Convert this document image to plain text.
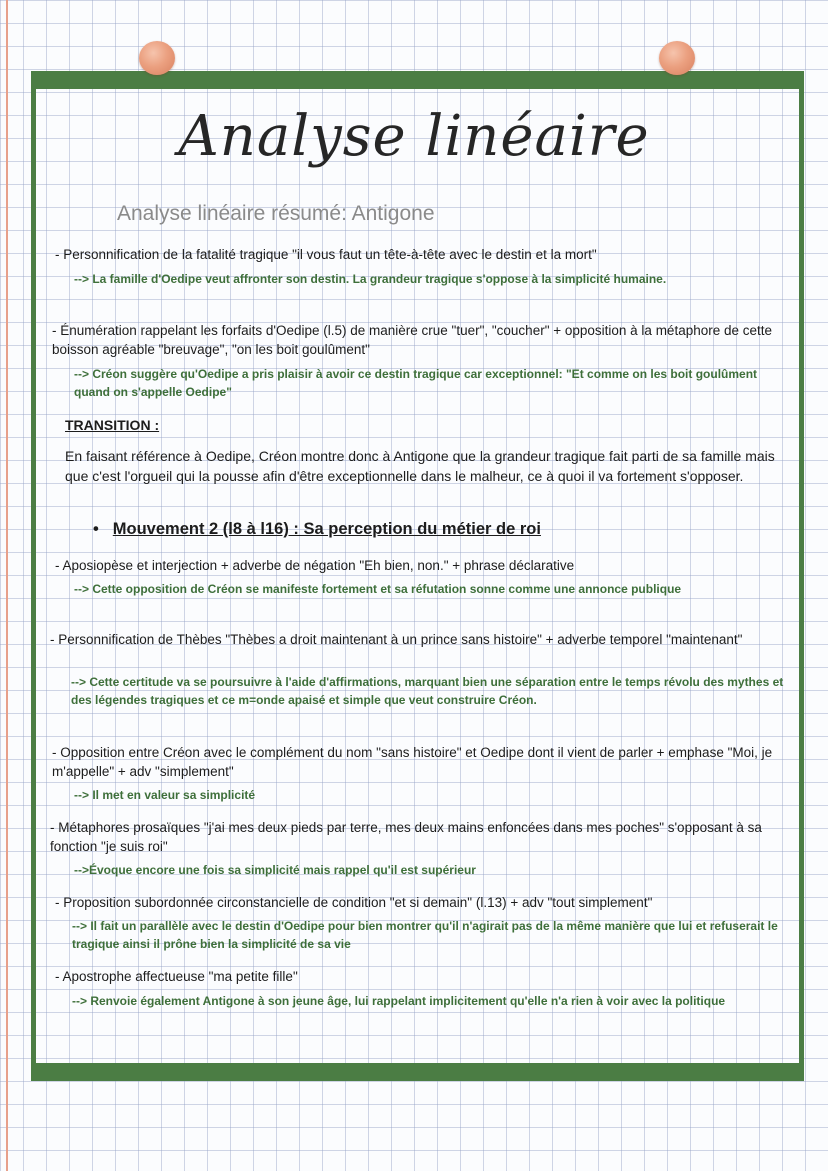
Analyse linéaire
Analyse linéaire résumé: Antigone

- Personnification de la fatalité tragique "il vous faut un tête-à-tête avec le destin et la mort"

--> La famille d'Oedipe veut affronter son destin. La grandeur tragique s'oppose à la simplicité humaine.

- Énumération rappelant les forfaits d'Oedipe (l.5) de manière crue "tuer", "coucher" + opposition à la métaphore de cette boisson agréable "breuvage", "on les boit goulûment"

--> Créon suggère qu'Oedipe a pris plaisir à avoir ce destin tragique car exceptionnel: "Et comme on les boit goulûment quand on s'appelle Oedipe"

TRANSITION :

En faisant référence à Oedipe, Créon montre donc à Antigone que la grandeur tragique fait parti de sa famille mais que c'est l'orgueil qui la pousse afin d'être exceptionnelle dans le malheur, ce à quoi il va fortement s'opposer.

• Mouvement 2 (l8 à l16) : Sa perception du métier de roi

- Aposiopèse et interjection + adverbe de négation "Eh bien, non." + phrase déclarative

--> Cette opposition de Créon se manifeste fortement et sa réfutation sonne comme une annonce publique

- Personnification de Thèbes "Thèbes a droit maintenant à un prince sans histoire" + adverbe temporel "maintenant"

--> Cette certitude va se poursuivre à l'aide d'affirmations, marquant bien une séparation entre le temps révolu des mythes et des légendes tragiques et ce m=onde apaisé et simple que veut construire Créon.

- Opposition entre Créon avec le complément du nom "sans histoire" et Oedipe dont il vient de parler + emphase "Moi, je m'appelle" + adv "simplement"

--> Il met en valeur sa simplicité

- Métaphores prosaïques "j'ai mes deux pieds par terre, mes deux mains enfoncées dans mes poches" s'opposant à sa fonction "je suis roi"

-->Évoque encore une fois sa simplicité mais rappel qu'il est supérieur

- Proposition subordonnée circonstancielle de condition "et si demain" (l.13) + adv "tout simplement"

--> Il fait un parallèle avec le destin d'Oedipe pour bien montrer qu'il n'agirait pas de la même manière que lui et refuserait le tragique ainsi il prône bien la simplicité de sa vie

- Apostrophe affectueuse "ma petite fille"

--> Renvoie également Antigone à son jeune âge, lui rappelant implicitement qu'elle n'a rien à voir avec la politique
